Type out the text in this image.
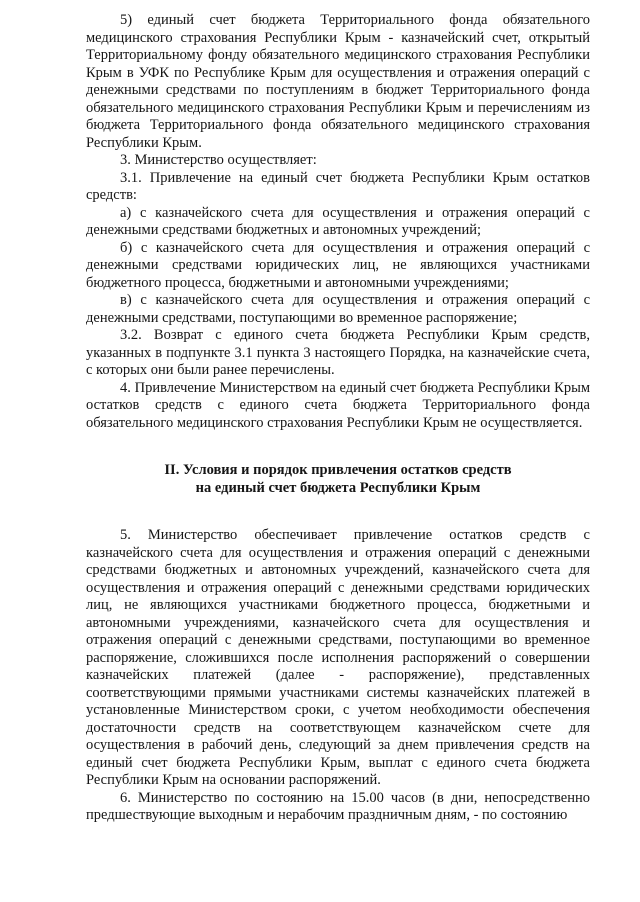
5) единый счет бюджета Территориального фонда обязательного медицинского страхования Республики Крым - казначейский счет, открытый Территориальному фонду обязательного медицинского страхования Республики Крым в УФК по Республике Крым для осуществления и отражения операций с денежными средствами по поступлениям в бюджет Территориального фонда обязательного медицинского страхования Республики Крым и перечислениям из бюджета Территориального фонда обязательного медицинского страхования Республики Крым.

3. Министерство осуществляет:

3.1. Привлечение на единый счет бюджета Республики Крым остатков средств:

а) с казначейского счета для осуществления и отражения операций с денежными средствами бюджетных и автономных учреждений;

б) с казначейского счета для осуществления и отражения операций с денежными средствами юридических лиц, не являющихся участниками бюджетного процесса, бюджетными и автономными учреждениями;

в) с казначейского счета для осуществления и отражения операций с денежными средствами, поступающими во временное распоряжение;

3.2. Возврат с единого счета бюджета Республики Крым средств, указанных в подпункте 3.1 пункта 3 настоящего Порядка, на казначейские счета, с которых они были ранее перечислены.

4. Привлечение Министерством на единый счет бюджета Республики Крым остатков средств с единого счета бюджета Территориального фонда обязательного медицинского страхования Республики Крым не осуществляется.

II. Условия и порядок привлечения остатков средств

на единый счет бюджета Республики Крым

5. Министерство обеспечивает привлечение остатков средств с казначейского счета для осуществления и отражения операций с денежными средствами бюджетных и автономных учреждений, казначейского счета для осуществления и отражения операций с денежными средствами юридических лиц, не являющихся участниками бюджетного процесса, бюджетными и автономными учреждениями, казначейского счета для осуществления и отражения операций с денежными средствами, поступающими во временное распоряжение, сложившихся после исполнения распоряжений о совершении казначейских платежей (далее - распоряжение), представленных соответствующими прямыми участниками системы казначейских платежей в установленные Министерством сроки, с учетом необходимости обеспечения достаточности средств на соответствующем казначейском счете для осуществления в рабочий день, следующий за днем привлечения средств на единый счет бюджета Республики Крым, выплат с единого счета бюджета Республики Крым на основании распоряжений.

6. Министерство по состоянию на 15.00 часов (в дни, непосредственно предшествующие выходным и нерабочим праздничным дням, - по состоянию
